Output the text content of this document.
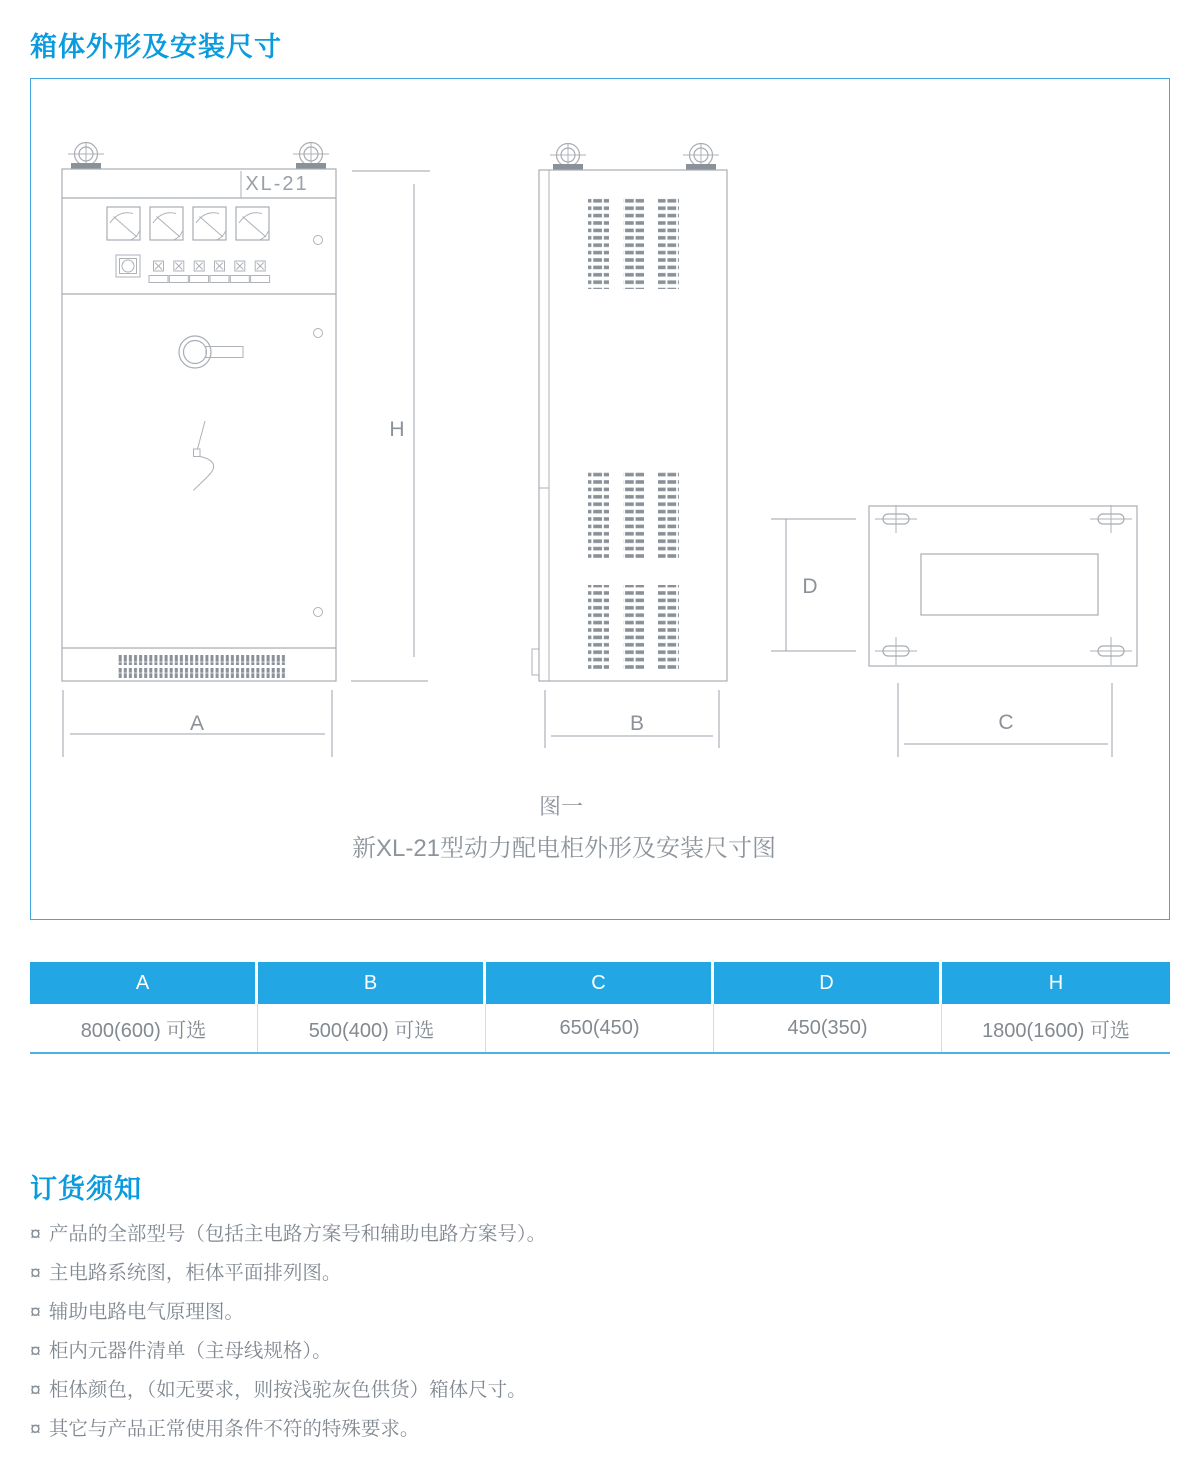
箱体外形及安装尺寸
XL-21
A
H
B
D
C
图一
新XL-21型动力配电柜外形及安装尺寸图
A	B	C	D	H
800(600) 可选	500(400) 可选	650(450)	450(350)	1800(1600) 可选
订货须知
¤ 产品的全部型号（包括主电路方案号和辅助电路方案号）。
¤ 主电路系统图，柜体平面排列图。
¤ 辅助电路电气原理图。
¤ 柜内元器件清单（主母线规格）。
¤ 柜体颜色，（如无要求，则按浅驼灰色供货）箱体尺寸。
¤ 其它与产品正常使用条件不符的特殊要求。
